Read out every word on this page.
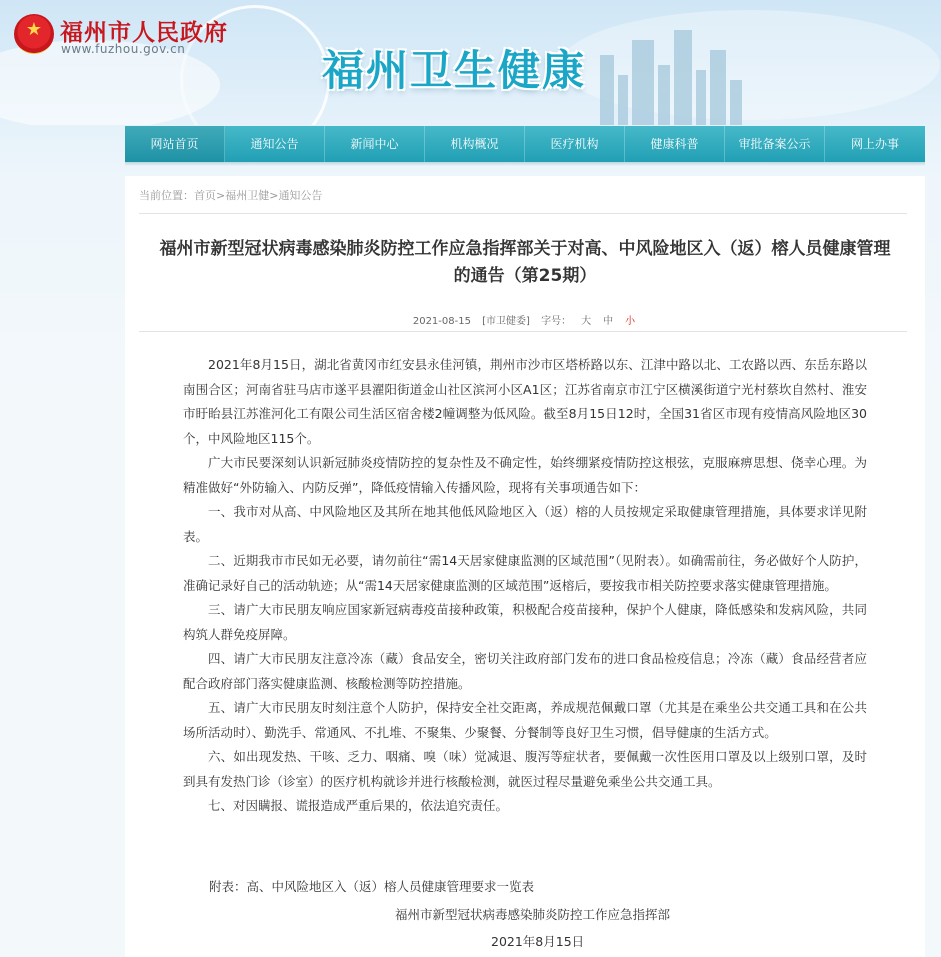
★ 福州市人民政府
www.fuzhou.gov.cn	福州卫生健康
网站首页	通知公告	新闻中心	机构概况	医疗机构	健康科普	审批备案公示	网上办事
当前位置：首页>福州卫健>通知公告
福州市新型冠状病毒感染肺炎防控工作应急指挥部关于对高、中风险地区入（返）榕人员健康管理的通告（第25期）
2021-08-15 [市卫健委] 字号： 大 中 小

2021年8月15日，湖北省黄冈市红安县永佳河镇，荆州市沙市区塔桥路以东、江津中路以北、工农路以西、东岳东路以南围合区；河南省驻马店市遂平县濯阳街道金山社区滨河小区A1区；江苏省南京市江宁区横溪街道宁光村蔡坎自然村、淮安市盱眙县江苏淮河化工有限公司生活区宿舍楼2幢调整为低风险。截至8月15日12时，全国31省区市现有疫情高风险地区30个，中风险地区115个。

广大市民要深刻认识新冠肺炎疫情防控的复杂性及不确定性，始终绷紧疫情防控这根弦，克服麻痹思想、侥幸心理。为精准做好“外防输入、内防反弹”，降低疫情输入传播风险，现将有关事项通告如下：

一、我市对从高、中风险地区及其所在地其他低风险地区入（返）榕的人员按规定采取健康管理措施，具体要求详见附表。

二、近期我市市民如无必要，请勿前往“需14天居家健康监测的区域范围”（见附表）。如确需前往，务必做好个人防护，准确记录好自己的活动轨迹；从“需14天居家健康监测的区域范围”返榕后，要按我市相关防控要求落实健康管理措施。

三、请广大市民朋友响应国家新冠病毒疫苗接种政策，积极配合疫苗接种，保护个人健康，降低感染和发病风险，共同构筑人群免疫屏障。

四、请广大市民朋友注意冷冻（藏）食品安全，密切关注政府部门发布的进口食品检疫信息；冷冻（藏）食品经营者应配合政府部门落实健康监测、核酸检测等防控措施。

五、请广大市民朋友时刻注意个人防护，保持安全社交距离，养成规范佩戴口罩（尤其是在乘坐公共交通工具和在公共场所活动时）、勤洗手、常通风、不扎堆、不聚集、少聚餐、分餐制等良好卫生习惯，倡导健康的生活方式。

六、如出现发热、干咳、乏力、咽痛、嗅（味）觉减退、腹泻等症状者，要佩戴一次性医用口罩及以上级别口罩，及时到具有发热门诊（诊室）的医疗机构就诊并进行核酸检测，就医过程尽量避免乘坐公共交通工具。

七、对因瞒报、谎报造成严重后果的，依法追究责任。

附表：高、中风险地区入（返）榕人员健康管理要求一览表
福州市新型冠状病毒感染肺炎防控工作应急指挥部
2021年8月15日
